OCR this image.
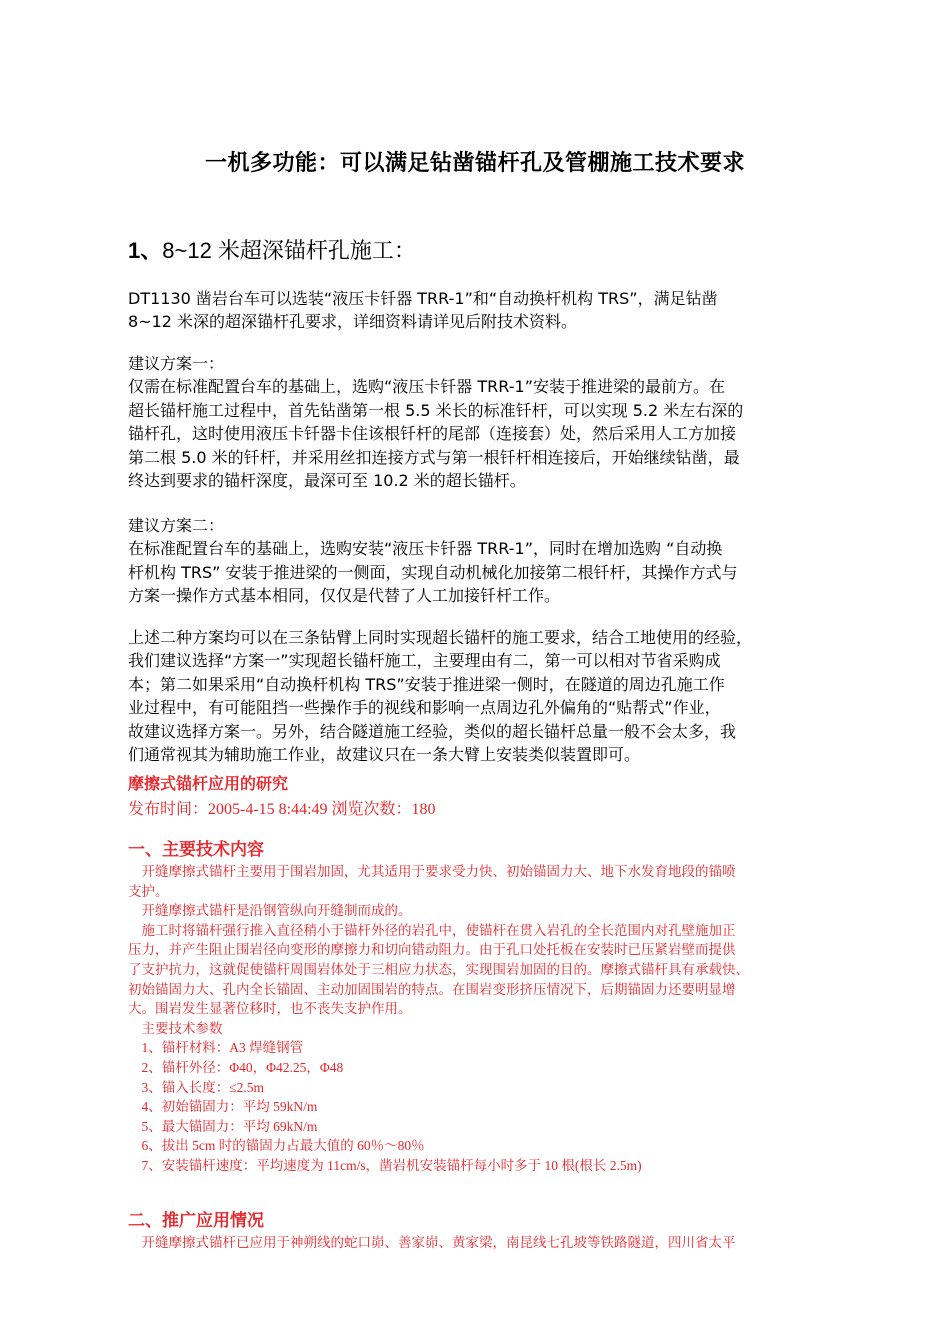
一机多功能：可以满足钻凿锚杆孔及管棚施工技术要求
1、8~12 米超深锚杆孔施工：
DT1130 凿岩台车可以选装“液压卡钎器 TRR-1”和“自动换杆机构 TRS”，满足钻凿
8~12 米深的超深锚杆孔要求，详细资料请详见后附技术资料。
建议方案一：
仅需在标准配置台车的基础上，选购“液压卡钎器 TRR-1”安装于推进梁的最前方。在
超长锚杆施工过程中，首先钻凿第一根 5.5 米长的标准钎杆，可以实现 5.2 米左右深的
锚杆孔，这时使用液压卡钎器卡住该根钎杆的尾部（连接套）处，然后采用人工方加接
第二根 5.0 米的钎杆，并采用丝扣连接方式与第一根钎杆相连接后，开始继续钻凿，最
终达到要求的锚杆深度，最深可至 10.2 米的超长锚杆。
建议方案二：
在标准配置台车的基础上，选购安装“液压卡钎器 TRR-1”，同时在增加选购 “自动换
杆机构 TRS” 安装于推进梁的一侧面，实现自动机械化加接第二根钎杆，其操作方式与
方案一操作方式基本相同，仅仅是代替了人工加接钎杆工作。
上述二种方案均可以在三条钻臂上同时实现超长锚杆的施工要求，结合工地使用的经验，
我们建议选择“方案一”实现超长锚杆施工，主要理由有二，第一可以相对节省采购成
本；第二如果采用“自动换杆机构 TRS”安装于推进梁一侧时，在隧道的周边孔施工作
业过程中，有可能阻挡一些操作手的视线和影响一点周边孔外偏角的“贴帮式”作业，
故建议选择方案一。另外，结合隧道施工经验，类似的超长锚杆总量一般不会太多，我
们通常视其为辅助施工作业，故建议只在一条大臂上安装类似装置即可。
摩擦式锚杆应用的研究
发布时间：2005-4-15 8:44:49 浏览次数：180
一、主要技术内容
　开缝摩擦式锚杆主要用于围岩加固，尤其适用于要求受力快、初始锚固力大、地下水发育地段的锚喷
支护。
　开缝摩擦式锚杆是沿钢管纵向开缝制而成的。
　施工时将锚杆强行推入直径稍小于锚杆外径的岩孔中，使锚杆在贯入岩孔的全长范围内对孔壁施加正
压力，并产生阻止围岩径向变形的摩擦力和切向错动阻力。由于孔口处托板在安装时已压紧岩壁而提供
了支护抗力，这就促使锚杆周围岩体处于三相应力状态，实现围岩加固的目的。摩擦式锚杆具有承载快、
初始锚固力大、孔内全长锚固、主动加固围岩的特点。在围岩变形挤压情况下，后期锚固力还要明显增
大。围岩发生显著位移时，也不丧失支护作用。
　主要技术参数
　1、锚杆材料：A3 焊缝钢管
　2、锚杆外径：Φ40，Φ42.25，Φ48
　3、锚入长度：≤2.5m
　4、初始锚固力：平均 59kN/m
　5、最大锚固力：平均 69kN/m
　6、拔出 5cm 时的锚固力占最大值的 60％～80％
　7、安装锚杆速度：平均速度为 11cm/s，凿岩机安装锚杆每小时多于 10 根(根长 2.5m)
二、推广应用情况
　开缝摩擦式锚杆已应用于神朔线的蛇口峁、善家峁、黄家梁，南昆线七孔坡等铁路隧道，四川省太平
